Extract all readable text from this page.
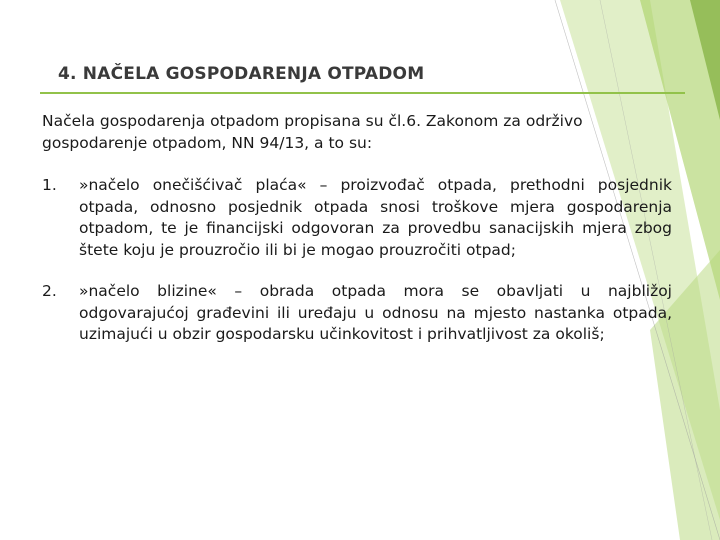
4. NAČELA GOSPODARENJA OTPADOM

Načela gospodarenja otpadom propisana su čl.6. Zakonom za održivo gospodarenje otpadom, NN 94/13, a to su:

1.	»načelo onečišćivač plaća« – proizvođač otpada, prethodni posjednik otpada, odnosno posjednik otpada snosi troškove mjera gospodarenja otpadom, te je financijski odgovoran za provedbu sanacijskih mjera zbog štete koju je prouzročio ili bi je mogao prouzročiti otpad;

2.	»načelo blizine« – obrada otpada mora se obavljati u najbližoj odgovarajućoj građevini ili uređaju u odnosu na mjesto nastanka otpada, uzimajući u obzir gospodarsku učinkovitost i prihvatljivost za okoliš;
